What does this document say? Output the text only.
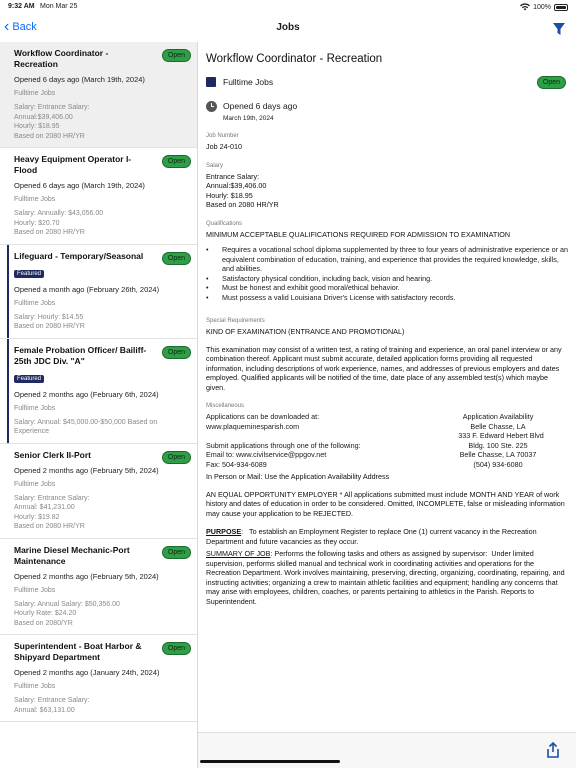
9:32 AM Mon Mar 25	100%
‹ Back	Jobs
Workflow Coordinator - Recreation
Open
Opened 6 days ago (March 19th, 2024)
Fulltime Jobs
Salary: Entrance Salary:
Annual:$39,406.00
Hourly: $18.95
Based on 2080 HR/YR
Heavy Equipment Operator I-Flood
Open
Opened 6 days ago (March 19th, 2024)
Fulltime Jobs
Salary: Annually: $43,056.00
Hourly: $20.70
Based on 2080 HR/YR
Lifeguard - Temporary/Seasonal	Open
Featured
Opened a month ago (February 26th, 2024)
Fulltime Jobs
Salary: Hourly: $14.55
Based on 2080 HR/YR
Female Probation Officer/ Bailiff-25th JDC Div. "A"
Open
Featured
Opened 2 months ago (February 6th, 2024)
Fulltime Jobs
Salary: Annual: $45,000.00-$50,000 Based on Experience
Senior Clerk II-Port	Open
Opened 2 months ago (February 5th, 2024)
Fulltime Jobs
Salary: Entrance Salary:
Annual: $41,231.00
Hourly: $19.82
Based on 2080 HR/YR
Marine Diesel Mechanic-Port Maintenance
Open
Opened 2 months ago (February 5th, 2024)
Fulltime Jobs
Salary: Annual Salary: $50,356.00
Hourly Rate: $24.20
Based on 2080/YR
Superintendent - Boat Harbor & Shipyard Department
Open
Opened 2 months ago (January 24th, 2024)
Fulltime Jobs
Salary: Entrance Salary:
Annual: $63,131.00
Workflow Coordinator - Recreation
Fulltime Jobs	Open
Opened 6 days ago
March 19th, 2024
Job Number
Job 24-010
Salary
Entrance Salary:
Annual:$39,406.00
Hourly: $18.95
Based on 2080 HR/YR
Qualifications
MINIMUM ACCEPTABLE QUALIFICATIONS REQUIRED FOR ADMISSION TO EXAMINATION
•	Requires a vocational school diploma supplemented by three to four years of administrative experience or an equivalent combination of education, training, and experience that provides the required knowledge, skills, and abilities.
•	Satisfactory physical condition, including back, vision and hearing.
•	Must be honest and exhibit good moral/ethical behavior.
•	Must possess a valid Louisiana Driver's License with satisfactory records.
Special Requirements
KIND OF EXAMINATION (ENTRANCE AND PROMOTIONAL)
This examination may consist of a written test, a rating of training and experience, an oral panel interview or any combination thereof. Applicant must submit accurate, detailed application forms providing all requested information, including descriptions of work experience, names, and addresses of previous employers and dates employed. Qualified applicants will be notified of the time, date place of any assembled test(s) which maybe given.
Miscellaneous
Applications can be downloaded at:
www.plaqueminesparish.com

Submit applications through one of the following:
Email to: www.civilservice@ppgov.net
Fax: 504-934-6089
Application Availability
Belle Chasse, LA
333 F. Edward Hebert Blvd
Bldg. 100 Ste. 225
Belle Chasse, LA 70037
(504) 934-6080
In Person or Mail: Use the Application Availability Address
AN EQUAL OPPORTUNITY EMPLOYER * All applications submitted must include MONTH AND YEAR of work history and dates of education in order to be considered. Omitted, INCOMPLETE, false or misleading information may cause your application to be REJECTED.
PURPOSE:   To establish an Employment Register to replace One (1) current vacancy in the Recreation Department and future vacancies as they occur.
SUMMARY OF JOB: Performs the following tasks and others as assigned by supervisor:  Under limited supervision, performs skilled manual and technical work in coordinating activities and operations for the Recreation Department. Work involves maintaining, preserving, directing, organizing, coordinating, repairing, and instructing activities; organizing a crew to maintain athletic facilities and equipment; handling any concerns that may arise with employees, children, coaches, or parents pertaining to athletics in the Parish. Reports to Superintendent.
